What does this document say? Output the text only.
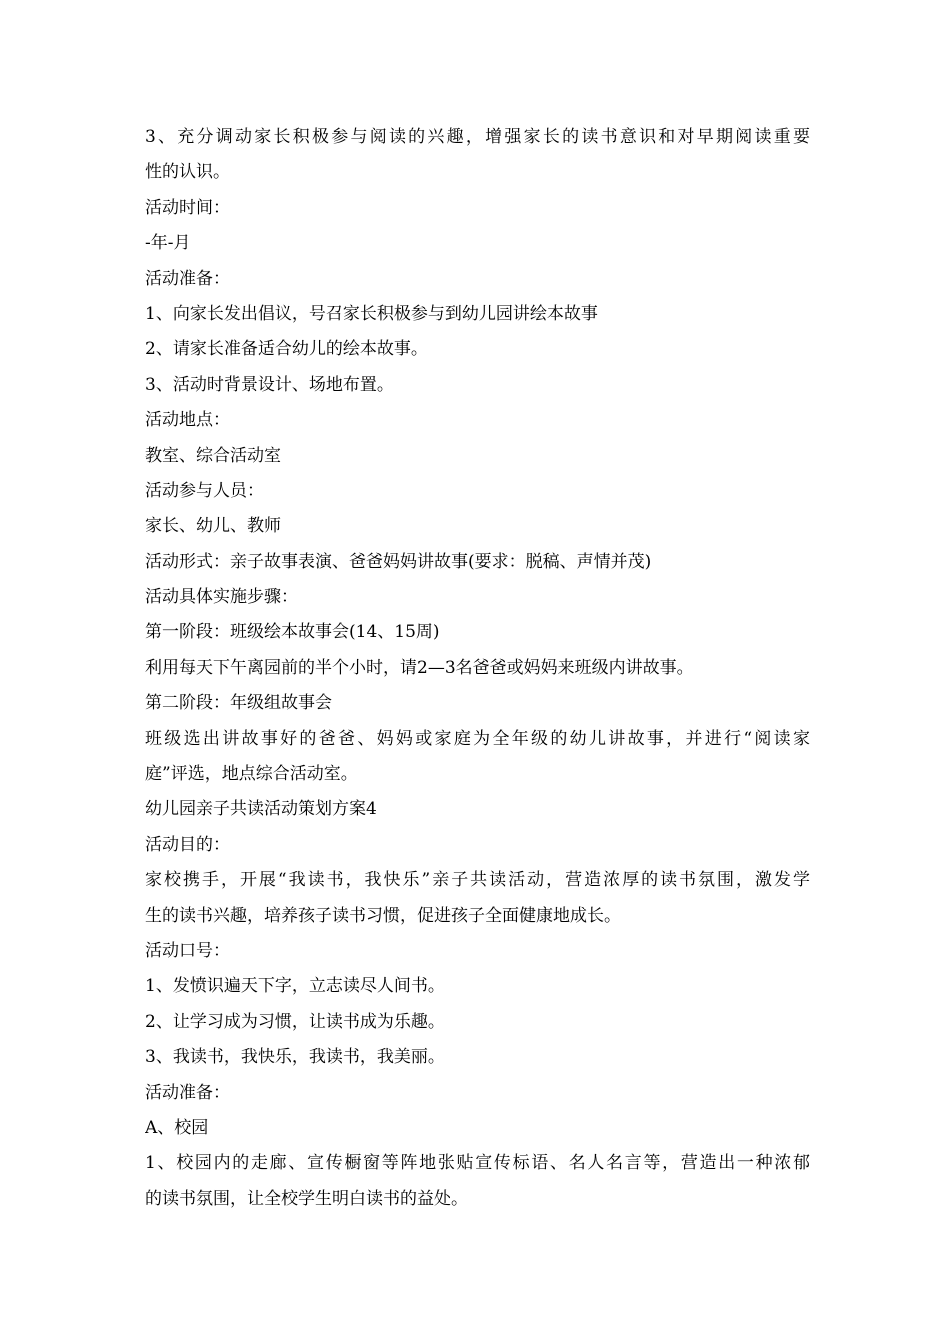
3、充分调动家长积极参与阅读的兴趣，增强家长的读书意识和对早期阅读重要
性的认识。
活动时间：
-年-月
活动准备：
1、向家长发出倡议，号召家长积极参与到幼儿园讲绘本故事
2、请家长准备适合幼儿的绘本故事。
3、活动时背景设计、场地布置。
活动地点：
教室、综合活动室
活动参与人员：
家长、幼儿、教师
活动形式：亲子故事表演、爸爸妈妈讲故事(要求：脱稿、声情并茂)
活动具体实施步骤：
第一阶段：班级绘本故事会(14、15周)
利用每天下午离园前的半个小时，请2—3名爸爸或妈妈来班级内讲故事。
第二阶段：年级组故事会
班级选出讲故事好的爸爸、妈妈或家庭为全年级的幼儿讲故事，并进行“阅读家
庭”评选，地点综合活动室。
幼儿园亲子共读活动策划方案4
活动目的：
家校携手，开展“我读书，我快乐”亲子共读活动，营造浓厚的读书氛围，激发学
生的读书兴趣，培养孩子读书习惯，促进孩子全面健康地成长。
活动口号：
1、发愤识遍天下字，立志读尽人间书。
2、让学习成为习惯，让读书成为乐趣。
3、我读书，我快乐，我读书，我美丽。
活动准备：
A、校园
1、校园内的走廊、宣传橱窗等阵地张贴宣传标语、名人名言等，营造出一种浓郁
的读书氛围，让全校学生明白读书的益处。
